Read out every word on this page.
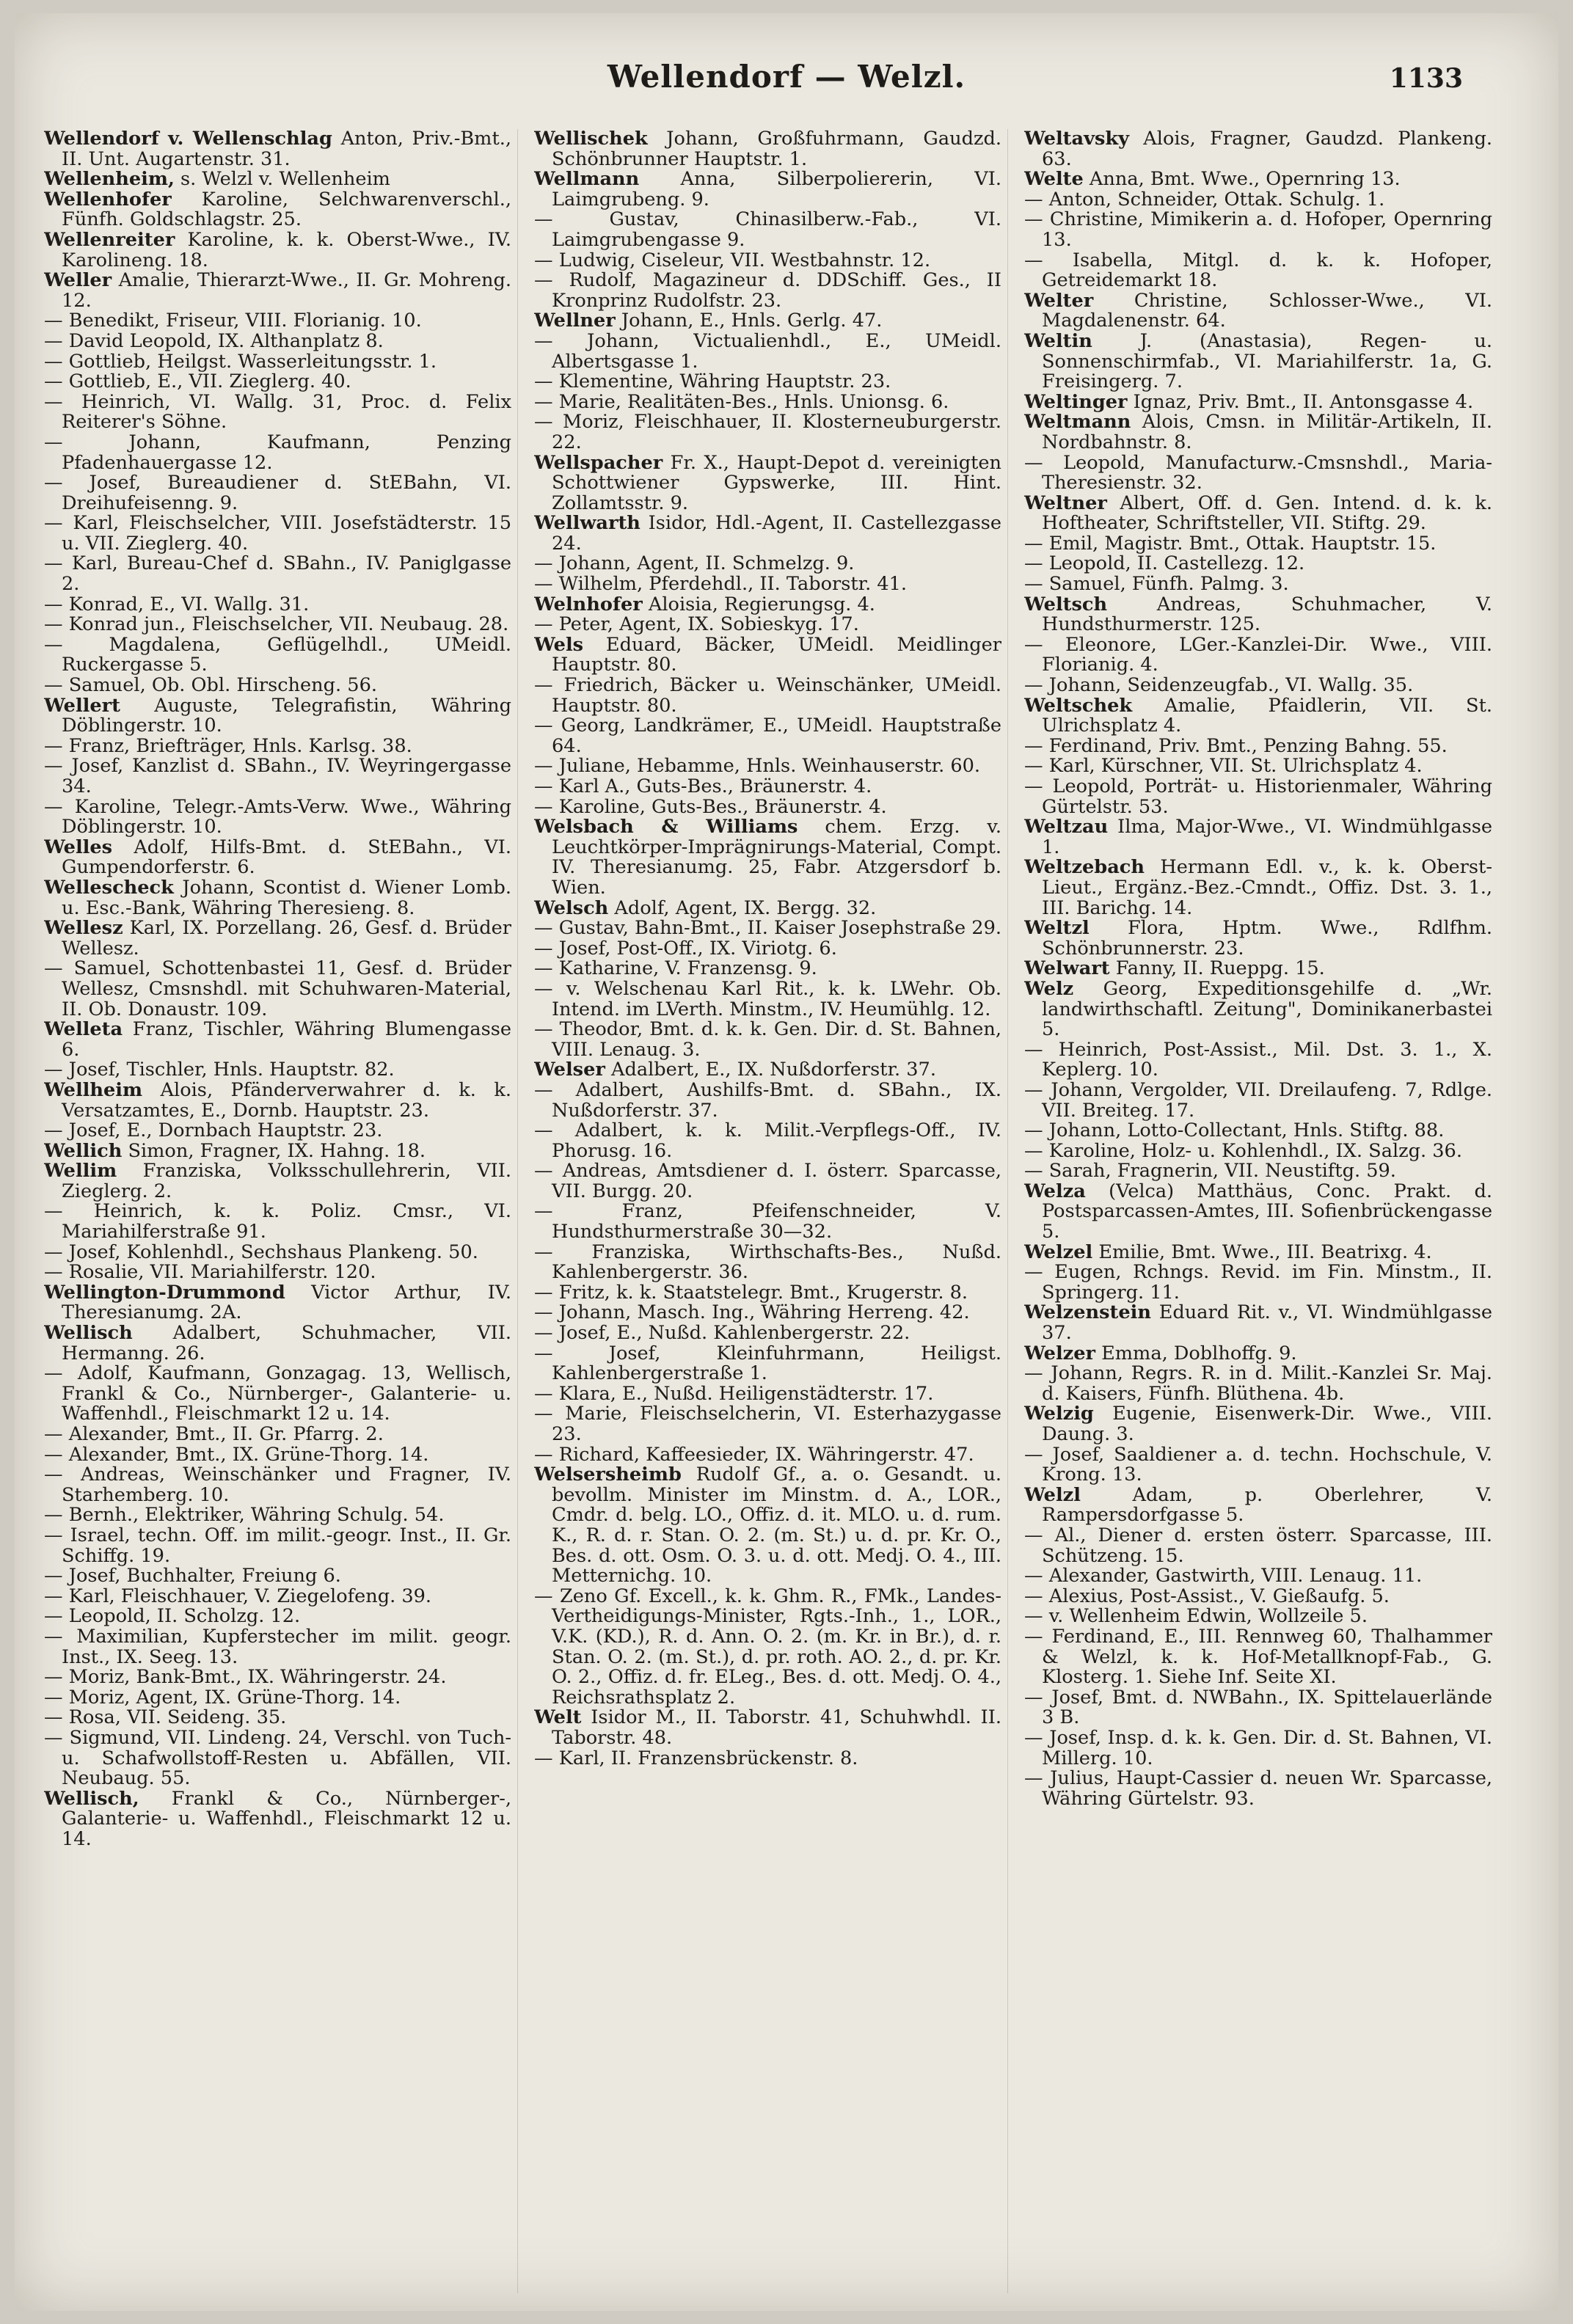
Wellendorf — Welzl.	1133

Wellendorf v. Wellenschlag Anton, Priv.-Bmt., II. Unt. Augartenstr. 31.

Wellenheim, s. Welzl v. Wellenheim

Wellenhofer Karoline, Selchwarenverschl., Fünfh. Goldschlagstr. 25.

Wellenreiter Karoline, k. k. Oberst-Wwe., IV. Karolineng. 18.

Weller Amalie, Thierarzt-Wwe., II. Gr. Mohreng. 12.

— Benedikt, Friseur, VIII. Florianig. 10.

— David Leopold, IX. Althanplatz 8.

— Gottlieb, Heilgst. Wasserleitungsstr. 1.

— Gottlieb, E., VII. Zieglerg. 40.

— Heinrich, VI. Wallg. 31, Proc. d. Felix Reiterer's Söhne.

— Johann, Kaufmann, Penzing Pfadenhauergasse 12.

— Josef, Bureaudiener d. StEBahn, VI. Dreihufeisenng. 9.

— Karl, Fleischselcher, VIII. Josefstädterstr. 15 u. VII. Zieglerg. 40.

— Karl, Bureau-Chef d. SBahn., IV. Paniglgasse 2.

— Konrad, E., VI. Wallg. 31.

— Konrad jun., Fleischselcher, VII. Neubaug. 28.

— Magdalena, Geflügelhdl., UMeidl. Ruckergasse 5.

— Samuel, Ob. Obl. Hirscheng. 56.

Wellert Auguste, Telegrafistin, Währing Döblingerstr. 10.

— Franz, Briefträger, Hnls. Karlsg. 38.

— Josef, Kanzlist d. SBahn., IV. Weyringergasse 34.

— Karoline, Telegr.-Amts-Verw. Wwe., Währing Döblingerstr. 10.

Welles Adolf, Hilfs-Bmt. d. StEBahn., VI. Gumpendorferstr. 6.

Wellescheck Johann, Scontist d. Wiener Lomb. u. Esc.-Bank, Währing Theresieng. 8.

Wellesz Karl, IX. Porzellang. 26, Gesf. d. Brüder Wellesz.

— Samuel, Schottenbastei 11, Gesf. d. Brüder Wellesz, Cmsnshdl. mit Schuhwaren-Material, II. Ob. Donaustr. 109.

Welleta Franz, Tischler, Währing Blumengasse 6.

— Josef, Tischler, Hnls. Hauptstr. 82.

Wellheim Alois, Pfänderverwahrer d. k. k. Versatzamtes, E., Dornb. Hauptstr. 23.

— Josef, E., Dornbach Hauptstr. 23.

Wellich Simon, Fragner, IX. Hahng. 18.

Wellim Franziska, Volksschullehrerin, VII. Zieglerg. 2.

— Heinrich, k. k. Poliz. Cmsr., VI. Mariahilferstraße 91.

— Josef, Kohlenhdl., Sechshaus Plankeng. 50.

— Rosalie, VII. Mariahilferstr. 120.

Wellington-Drummond Victor Arthur, IV. Theresianumg. 2A.

Wellisch Adalbert, Schuhmacher, VII. Hermanng. 26.

— Adolf, Kaufmann, Gonzagag. 13, Wellisch, Frankl & Co., Nürnberger-, Galanterie- u. Waffenhdl., Fleischmarkt 12 u. 14.

— Alexander, Bmt., II. Gr. Pfarrg. 2.

— Alexander, Bmt., IX. Grüne-Thorg. 14.

— Andreas, Weinschänker und Fragner, IV. Starhemberg. 10.

— Bernh., Elektriker, Währing Schulg. 54.

— Israel, techn. Off. im milit.-geogr. Inst., II. Gr. Schiffg. 19.

— Josef, Buchhalter, Freiung 6.

— Karl, Fleischhauer, V. Ziegelofeng. 39.

— Leopold, II. Scholzg. 12.

— Maximilian, Kupferstecher im milit. geogr. Inst., IX. Seeg. 13.

— Moriz, Bank-Bmt., IX. Währingerstr. 24.

— Moriz, Agent, IX. Grüne-Thorg. 14.

— Rosa, VII. Seideng. 35.

— Sigmund, VII. Lindeng. 24, Verschl. von Tuch- u. Schafwollstoff-Resten u. Abfällen, VII. Neubaug. 55.

Wellisch, Frankl & Co., Nürnberger-, Galanterie- u. Waffenhdl., Fleischmarkt 12 u. 14.

Wellischek Johann, Großfuhrmann, Gaudzd. Schönbrunner Hauptstr. 1.

Wellmann Anna, Silberpoliererin, VI. Laimgrubeng. 9.

— Gustav, Chinasilberw.-Fab., VI. Laimgrubengasse 9.

— Ludwig, Ciseleur, VII. Westbahnstr. 12.

— Rudolf, Magazineur d. DDSchiff. Ges., II Kronprinz Rudolfstr. 23.

Wellner Johann, E., Hnls. Gerlg. 47.

— Johann, Victualienhdl., E., UMeidl. Albertsgasse 1.

— Klementine, Währing Hauptstr. 23.

— Marie, Realitäten-Bes., Hnls. Unionsg. 6.

— Moriz, Fleischhauer, II. Klosterneuburgerstr. 22.

Wellspacher Fr. X., Haupt-Depot d. vereinigten Schottwiener Gypswerke, III. Hint. Zollamtsstr. 9.

Wellwarth Isidor, Hdl.-Agent, II. Castellezgasse 24.

— Johann, Agent, II. Schmelzg. 9.

— Wilhelm, Pferdehdl., II. Taborstr. 41.

Welnhofer Aloisia, Regierungsg. 4.

— Peter, Agent, IX. Sobieskyg. 17.

Wels Eduard, Bäcker, UMeidl. Meidlinger Hauptstr. 80.

— Friedrich, Bäcker u. Weinschänker, UMeidl. Hauptstr. 80.

— Georg, Landkrämer, E., UMeidl. Hauptstraße 64.

— Juliane, Hebamme, Hnls. Weinhauserstr. 60.

— Karl A., Guts-Bes., Bräunerstr. 4.

— Karoline, Guts-Bes., Bräunerstr. 4.

Welsbach & Williams chem. Erzg. v. Leuchtkörper-Imprägnirungs-Material, Compt. IV. Theresianumg. 25, Fabr. Atzgersdorf b. Wien.

Welsch Adolf, Agent, IX. Bergg. 32.

— Gustav, Bahn-Bmt., II. Kaiser Josephstraße 29.

— Josef, Post-Off., IX. Viriotg. 6.

— Katharine, V. Franzensg. 9.

— v. Welschenau Karl Rit., k. k. LWehr. Ob. Intend. im LVerth. Minstm., IV. Heumühlg. 12.

— Theodor, Bmt. d. k. k. Gen. Dir. d. St. Bahnen, VIII. Lenaug. 3.

Welser Adalbert, E., IX. Nußdorferstr. 37.

— Adalbert, Aushilfs-Bmt. d. SBahn., IX. Nußdorferstr. 37.

— Adalbert, k. k. Milit.-Verpflegs-Off., IV. Phorusg. 16.

— Andreas, Amtsdiener d. I. österr. Sparcasse, VII. Burgg. 20.

— Franz, Pfeifenschneider, V. Hundsthurmerstraße 30—32.

— Franziska, Wirthschafts-Bes., Nußd. Kahlenbergerstr. 36.

— Fritz, k. k. Staatstelegr. Bmt., Krugerstr. 8.

— Johann, Masch. Ing., Währing Herreng. 42.

— Josef, E., Nußd. Kahlenbergerstr. 22.

— Josef, Kleinfuhrmann, Heiligst. Kahlenbergerstraße 1.

— Klara, E., Nußd. Heiligenstädterstr. 17.

— Marie, Fleischselcherin, VI. Esterhazygasse 23.

— Richard, Kaffeesieder, IX. Währingerstr. 47.

Welsersheimb Rudolf Gf., a. o. Gesandt. u. bevollm. Minister im Minstm. d. A., LOR., Cmdr. d. belg. LO., Offiz. d. it. MLO. u. d. rum. K., R. d. r. Stan. O. 2. (m. St.) u. d. pr. Kr. O., Bes. d. ott. Osm. O. 3. u. d. ott. Medj. O. 4., III. Metternichg. 10.

— Zeno Gf. Excell., k. k. Ghm. R., FMk., Landes-Vertheidigungs-Minister, Rgts.-Inh., 1., LOR., V.K. (KD.), R. d. Ann. O. 2. (m. Kr. in Br.), d. r. Stan. O. 2. (m. St.), d. pr. roth. AO. 2., d. pr. Kr. O. 2., Offiz. d. fr. ELeg., Bes. d. ott. Medj. O. 4., Reichsrathsplatz 2.

Welt Isidor M., II. Taborstr. 41, Schuhwhdl. II. Taborstr. 48.

— Karl, II. Franzensbrückenstr. 8.

Weltavsky Alois, Fragner, Gaudzd. Plankeng. 63.

Welte Anna, Bmt. Wwe., Opernring 13.

— Anton, Schneider, Ottak. Schulg. 1.

— Christine, Mimikerin a. d. Hofoper, Opernring 13.

— Isabella, Mitgl. d. k. k. Hofoper, Getreidemarkt 18.

Welter Christine, Schlosser-Wwe., VI. Magdalenenstr. 64.

Weltin J. (Anastasia), Regen- u. Sonnenschirmfab., VI. Mariahilferstr. 1a, G. Freisingerg. 7.

Weltinger Ignaz, Priv. Bmt., II. Antonsgasse 4.

Weltmann Alois, Cmsn. in Militär-Artikeln, II. Nordbahnstr. 8.

— Leopold, Manufacturw.-Cmsnshdl., Maria-Theresienstr. 32.

Weltner Albert, Off. d. Gen. Intend. d. k. k. Hoftheater, Schriftsteller, VII. Stiftg. 29.

— Emil, Magistr. Bmt., Ottak. Hauptstr. 15.

— Leopold, II. Castellezg. 12.

— Samuel, Fünfh. Palmg. 3.

Weltsch Andreas, Schuhmacher, V. Hundsthurmerstr. 125.

— Eleonore, LGer.-Kanzlei-Dir. Wwe., VIII. Florianig. 4.

— Johann, Seidenzeugfab., VI. Wallg. 35.

Weltschek Amalie, Pfaidlerin, VII. St. Ulrichsplatz 4.

— Ferdinand, Priv. Bmt., Penzing Bahng. 55.

— Karl, Kürschner, VII. St. Ulrichsplatz 4.

— Leopold, Porträt- u. Historienmaler, Währing Gürtelstr. 53.

Weltzau Ilma, Major-Wwe., VI. Windmühlgasse 1.

Weltzebach Hermann Edl. v., k. k. Oberst-Lieut., Ergänz.-Bez.-Cmndt., Offiz. Dst. 3. 1., III. Barichg. 14.

Weltzl Flora, Hptm. Wwe., Rdlfhm. Schönbrunnerstr. 23.

Welwart Fanny, II. Rueppg. 15.

Welz Georg, Expeditionsgehilfe d. „Wr. landwirthschaftl. Zeitung", Dominikanerbastei 5.

— Heinrich, Post-Assist., Mil. Dst. 3. 1., X. Keplerg. 10.

— Johann, Vergolder, VII. Dreilaufeng. 7, Rdlge. VII. Breiteg. 17.

— Johann, Lotto-Collectant, Hnls. Stiftg. 88.

— Karoline, Holz- u. Kohlenhdl., IX. Salzg. 36.

— Sarah, Fragnerin, VII. Neustiftg. 59.

Welza (Velca) Matthäus, Conc. Prakt. d. Postsparcassen-Amtes, III. Sofienbrückengasse 5.

Welzel Emilie, Bmt. Wwe., III. Beatrixg. 4.

— Eugen, Rchngs. Revid. im Fin. Minstm., II. Springerg. 11.

Welzenstein Eduard Rit. v., VI. Windmühlgasse 37.

Welzer Emma, Doblhoffg. 9.

— Johann, Regrs. R. in d. Milit.-Kanzlei Sr. Maj. d. Kaisers, Fünfh. Blüthena. 4b.

Welzig Eugenie, Eisenwerk-Dir. Wwe., VIII. Daung. 3.

— Josef, Saaldiener a. d. techn. Hochschule, V. Krong. 13.

Welzl Adam, p. Oberlehrer, V. Rampersdorfgasse 5.

— Al., Diener d. ersten österr. Sparcasse, III. Schützeng. 15.

— Alexander, Gastwirth, VIII. Lenaug. 11.

— Alexius, Post-Assist., V. Gießaufg. 5.

— v. Wellenheim Edwin, Wollzeile 5.

— Ferdinand, E., III. Rennweg 60, Thalhammer & Welzl, k. k. Hof-Metallknopf-Fab., G. Klosterg. 1. Siehe Inf. Seite XI.

— Josef, Bmt. d. NWBahn., IX. Spittelauerlände 3 B.

— Josef, Insp. d. k. k. Gen. Dir. d. St. Bahnen, VI. Millerg. 10.

— Julius, Haupt-Cassier d. neuen Wr. Sparcasse, Währing Gürtelstr. 93.
